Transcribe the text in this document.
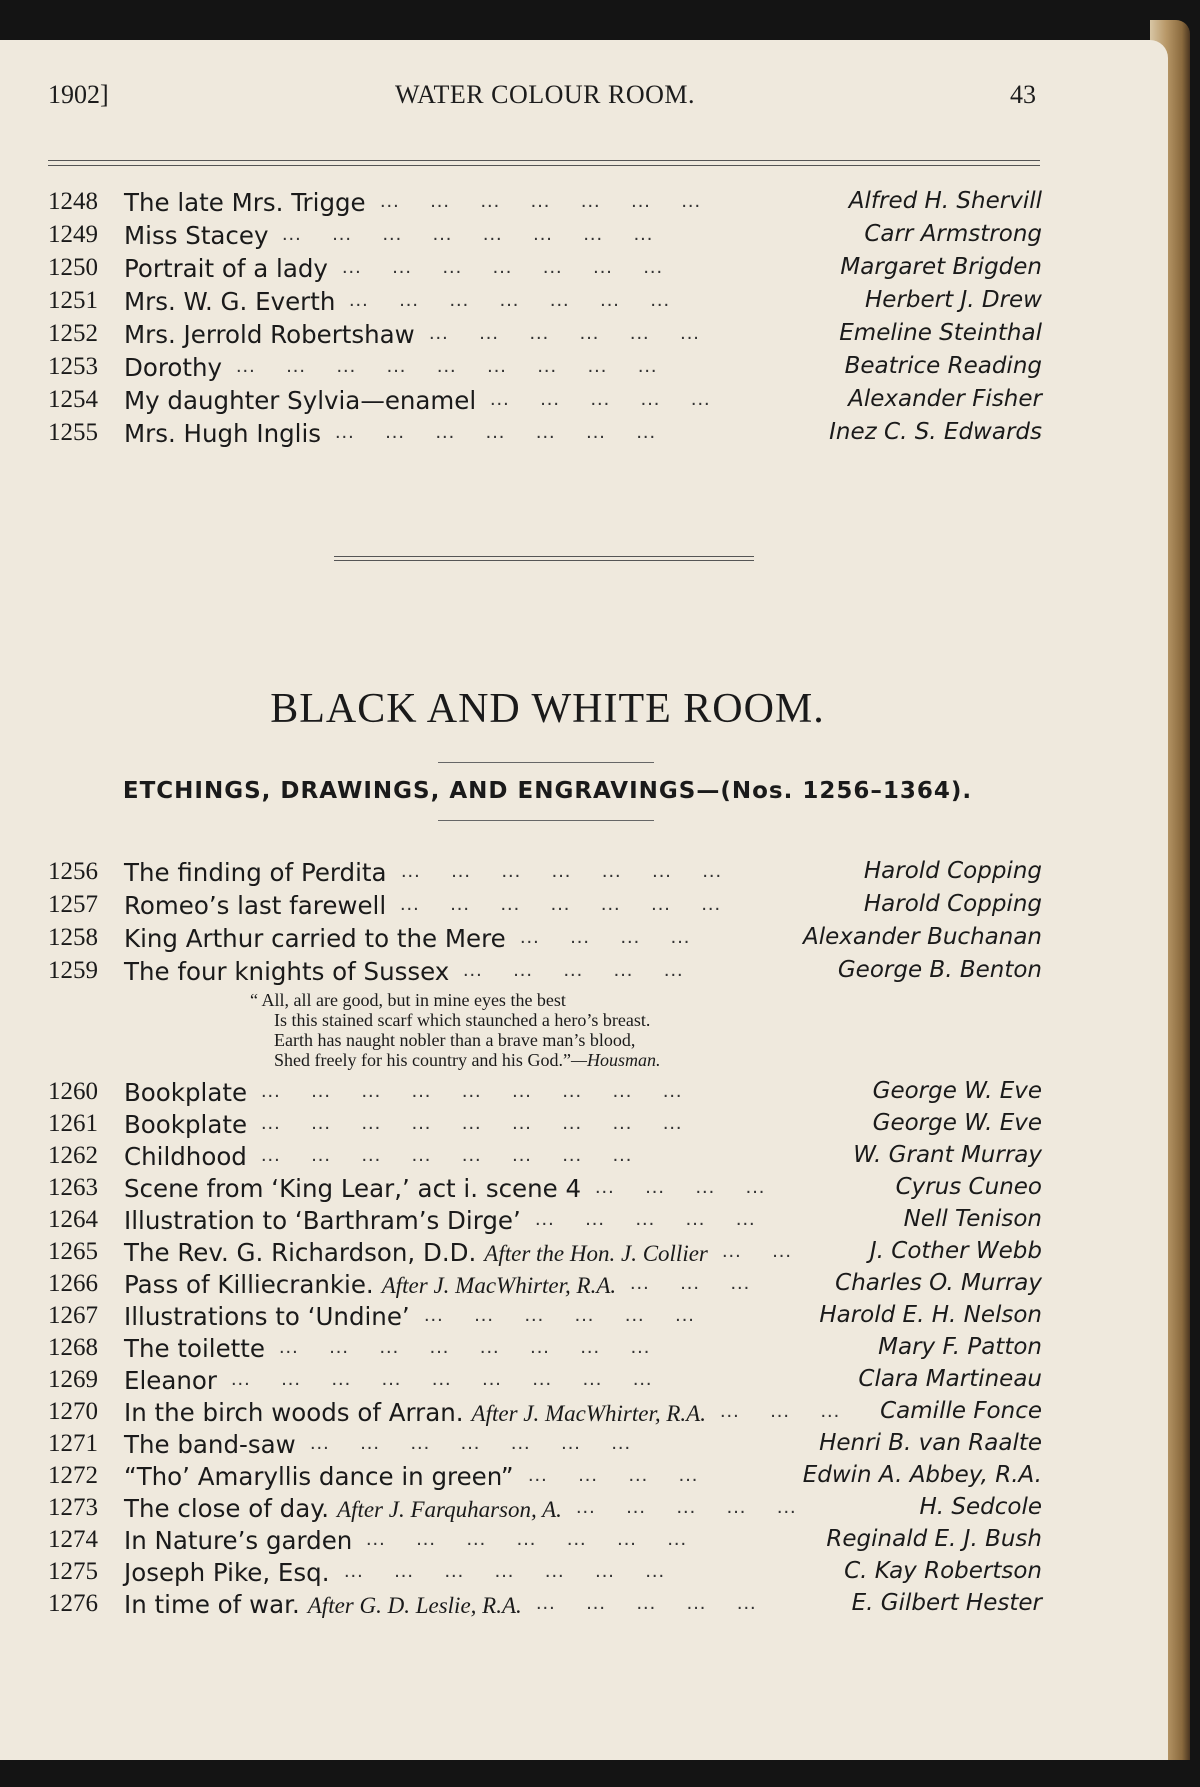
1902]	WATER COLOUR ROOM.	43
1248 The late Mrs. Trigge	Alfred H. Shervill
... ... ... ... ... ... ...
1249 Miss Stacey	Carr Armstrong
... ... ... ... ... ... ... ...
1250 Portrait of a lady	Margaret Brigden
... ... ... ... ... ... ...
1251 Mrs. W. G. Everth	Herbert J. Drew
... ... ... ... ... ... ...
1252 Mrs. Jerrold Robertshaw	Emeline Steinthal
... ... ... ... ... ...
1253 Dorothy	Beatrice Reading
... ... ... ... ... ... ... ... ...
1254 My daughter Sylvia—enamel	Alexander Fisher
... ... ... ... ...
1255 Mrs. Hugh Inglis	Inez C. S. Edwards
... ... ... ... ... ... ...
BLACK AND WHITE ROOM.
ETCHINGS, DRAWINGS, AND ENGRAVINGS—(Nos. 1256–1364).
1256 The finding of Perdita	Harold Copping
... ... ... ... ... ... ...
1257 Romeo’s last farewell	Harold Copping
... ... ... ... ... ... ...
1258 King Arthur carried to the Mere	Alexander Buchanan
... ... ... ...
1259 The four knights of Sussex	George B. Benton
... ... ... ... ...
1260 Bookplate	George W. Eve
... ... ... ... ... ... ... ... ...
1261 Bookplate	George W. Eve
... ... ... ... ... ... ... ... ...
1262 Childhood	W. Grant Murray
... ... ... ... ... ... ... ...
1263 Scene from ‘King Lear,’ act i. scene 4	Cyrus Cuneo
... ... ... ...
1264 Illustration to ‘Barthram’s Dirge’	Nell Tenison
... ... ... ... ...
1265 The Rev. G. Richardson, D.D. After the Hon. J. Collier	J. Cother Webb
... ...
1266 Pass of Killiecrankie. After J. MacWhirter, R.A.	Charles O. Murray
... ... ...
1267 Illustrations to ‘Undine’	Harold E. H. Nelson
... ... ... ... ... ...
1268 The toilette	Mary F. Patton
... ... ... ... ... ... ... ...
1269 Eleanor	Clara Martineau
... ... ... ... ... ... ... ... ...
1270 In the birch woods of Arran. After J. MacWhirter, R.A.	Camille Fonce
... ... ...
1271 The band-saw	Henri B. van Raalte
... ... ... ... ... ... ...
1272 “Tho’ Amaryllis dance in green”	Edwin A. Abbey, R.A.
... ... ... ...
1273 The close of day. After J. Farquharson, A.	H. Sedcole
... ... ... ... ...
1274 In Nature’s garden	Reginald E. J. Bush
... ... ... ... ... ... ...
1275 Joseph Pike, Esq.	C. Kay Robertson
... ... ... ... ... ... ...
1276 In time of war. After G. D. Leslie, R.A.	E. Gilbert Hester
... ... ... ... ...
“ All, all are good, but in mine eyes the best
Is this stained scarf which staunched a hero’s breast.
Earth has naught nobler than a brave man’s blood,
Shed freely for his country and his God.”—Housman.
